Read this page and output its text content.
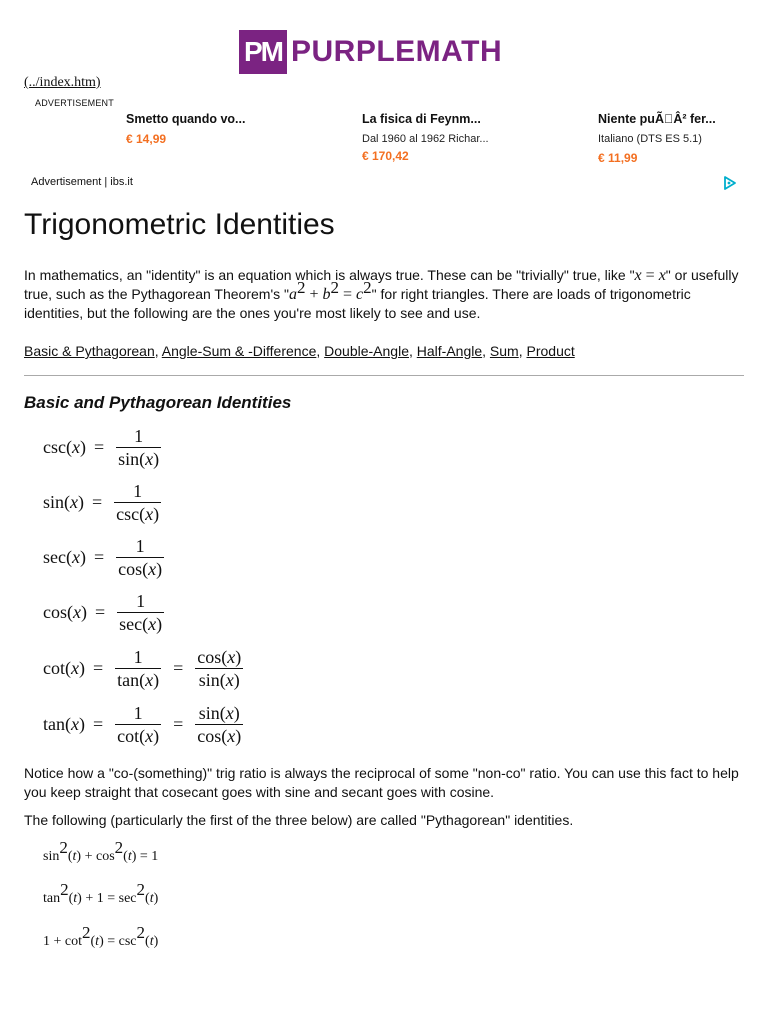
PM PURPLEMATH
(../index.htm)
ADVERTISEMENT
Smetto quando vo...
€ 14,99
La fisica di Feynm...
Dal 1960 al 1962 Richar...
€ 170,42
Niente puÃ Â² fer...
Italiano (DTS ES 5.1)
€ 11,99
Advertisement | ibs.it
Trigonometric Identities

In mathematics, an "identity" is an equation which is always true. These can be "trivially" true, like "x = x" or usefully true, such as the Pythagorean Theorem's "$a^2 + b^2 = c^2$" for right triangles. There are loads of trigonometric identities, but the following are the ones you're most likely to see and use.

Basic & Pythagorean, Angle-Sum & -Difference, Double-Angle, Half-Angle, Sum, Product

Basic and Pythagorean Identities
csc( x ) = $\frac{1}{\sin(x)}$
sin( x ) = $\frac{1}{\csc(x)}$
sec( x ) = $\frac{1}{\cos(x)}$
cos( x ) = $\frac{1}{\sec(x)}$
cot( x ) = $\frac{1}{\tan(x)} = \frac{\cos(x)}{\sin(x)}$
tan( x ) = $\frac{1}{\cot(x)} = \frac{\sin(x)}{\cos(x)}$

Notice how a "co-(something)" trig ratio is always the reciprocal of some "non-co" ratio. You can use this fact to help you keep straight that cosecant goes with sine and secant goes with cosine.

The following (particularly the first of the three below) are called "Pythagorean" identities.

$\sin^2(t) + \cos^2(t) = 1$
$\tan^2(t) + 1 = \sec^2(t)$
$1 + \cot^2(t) = \csc^2(t)$
